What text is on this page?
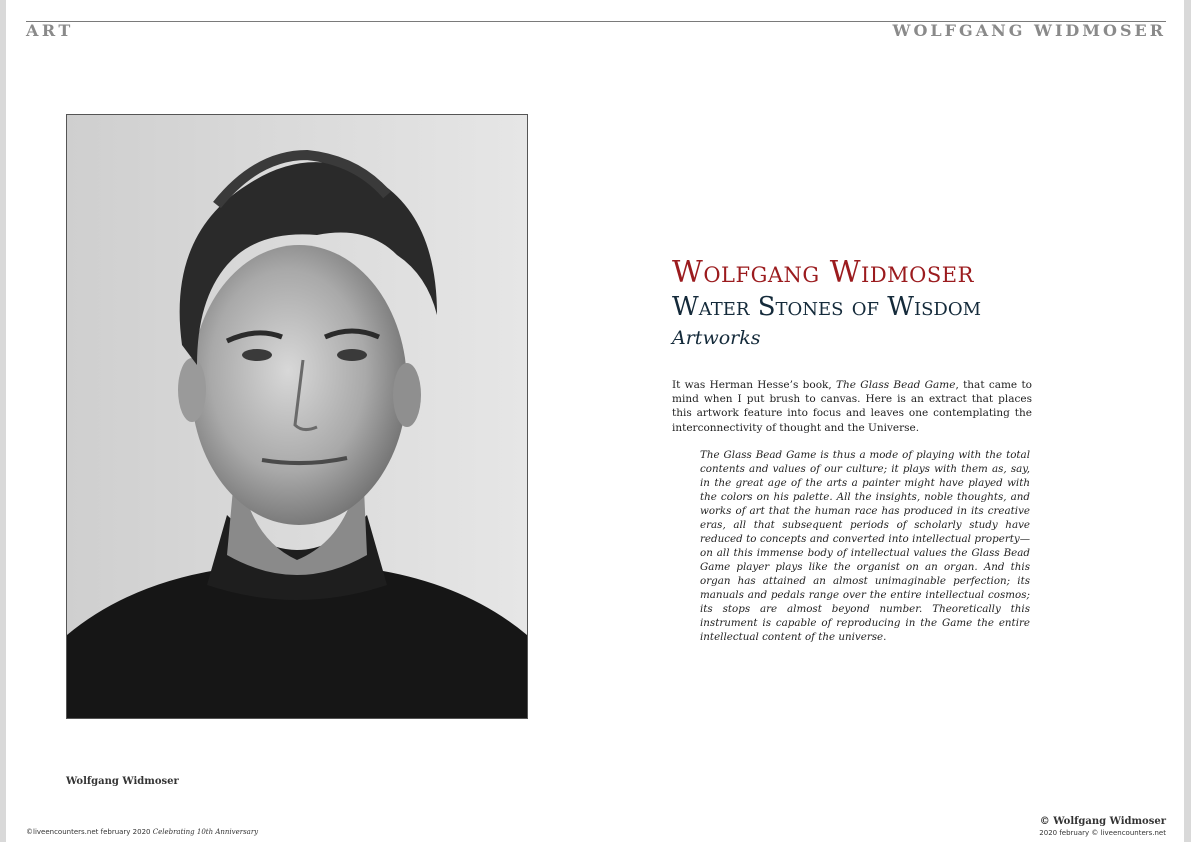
ART	WOLFGANG WIDMOSER
Wolfgang Widmoser
Wolfgang Widmoser
Water Stones of Wisdom
Artworks
It was Herman Hesse’s book, The Glass Bead Game, that came to mind when I put brush to canvas. Here is an extract that places this artwork feature into focus and leaves one contemplating the interconnectivity of thought and the Universe.
The Glass Bead Game is thus a mode of playing with the total contents and values of our culture; it plays with them as, say, in the great age of the arts a painter might have played with the colors on his palette. All the insights, noble thoughts, and works of art that the human race has produced in its creative eras, all that subsequent periods of scholarly study have reduced to concepts and converted into intellectual property—on all this immense body of intellectual values the Glass Bead Game player plays like the organist on an organ. And this organ has attained an almost unimaginable perfection; its manuals and pedals range over the entire intellectual cosmos; its stops are almost beyond number. Theoretically this instrument is capable of reproducing in the Game the entire intellectual content of the universe.
©liveencounters.net february 2020 Celebrating 10th Anniversary
© Wolfgang Widmoser
2020 february © liveencounters.net
